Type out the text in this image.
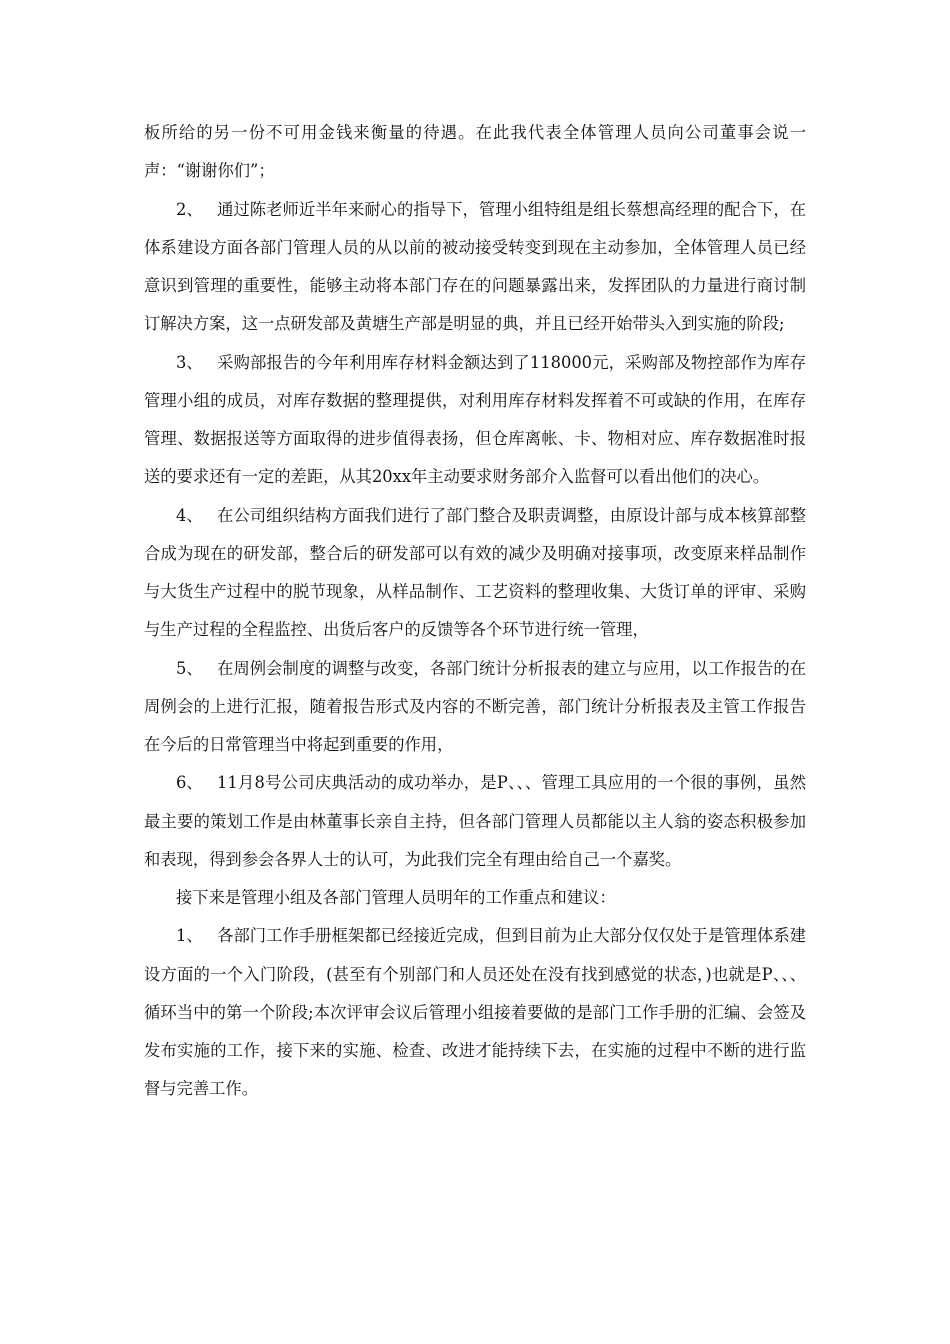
板所给的另一份不可用金钱来衡量的待遇。在此我代表全体管理人员向公司董事会说一声：“谢谢你们”；

2、 通过陈老师近半年来耐心的指导下，管理小组特组是组长蔡想高经理的配合下，在体系建设方面各部门管理人员的从以前的被动接受转变到现在主动参加，全体管理人员已经意识到管理的重要性，能够主动将本部门存在的问题暴露出来，发挥团队的力量进行商讨制订解决方案，这一点研发部及黄塘生产部是明显的典，并且已经开始带头入到实施的阶段;

3、 采购部报告的今年利用库存材料金额达到了118000元，采购部及物控部作为库存管理小组的成员，对库存数据的整理提供，对利用库存材料发挥着不可或缺的作用，在库存管理、数据报送等方面取得的进步值得表扬，但仓库离帐、卡、物相对应、库存数据准时报送的要求还有一定的差距，从其20xx年主动要求财务部介入监督可以看出他们的决心。

4、 在公司组织结构方面我们进行了部门整合及职责调整，由原设计部与成本核算部整合成为现在的研发部，整合后的研发部可以有效的减少及明确对接事项，改变原来样品制作与大货生产过程中的脱节现象，从样品制作、工艺资料的整理收集、大货订单的评审、采购与生产过程的全程监控、出货后客户的反馈等各个环节进行统一管理，

5、 在周例会制度的调整与改变，各部门统计分析报表的建立与应用，以工作报告的在周例会的上进行汇报，随着报告形式及内容的不断完善，部门统计分析报表及主管工作报告在今后的日常管理当中将起到重要的作用，

6、 11月8号公司庆典活动的成功举办，是P、、、管理工具应用的一个很的事例，虽然最主要的策划工作是由林董事长亲自主持，但各部门管理人员都能以主人翁的姿态积极参加和表现，得到参会各界人士的认可，为此我们完全有理由给自己一个嘉奖。

接下来是管理小组及各部门管理人员明年的工作重点和建议：

1、 各部门工作手册框架都已经接近完成，但到目前为止大部分仅仅处于是管理体系建设方面的一个入门阶段，(甚至有个别部门和人员还处在没有找到感觉的状态，)也就是P、、、循环当中的第一个阶段;本次评审会议后管理小组接着要做的是部门工作手册的汇编、会签及发布实施的工作，接下来的实施、检查、改进才能持续下去，在实施的过程中不断的进行监督与完善工作。
